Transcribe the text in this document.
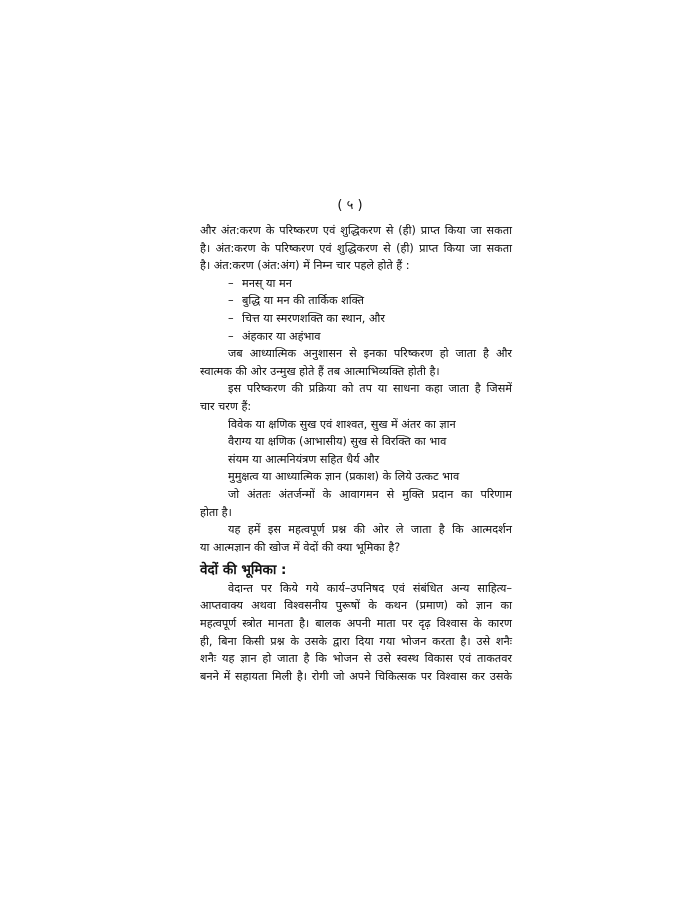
( ५ )

और अंत:करण के परिष्करण एवं शुद्धिकरण से (ही) प्राप्त किया जा सकता

है। अंत:करण के परिष्करण एवं शुद्धिकरण से (ही) प्राप्त किया जा सकता

है। अंत:करण (अंत:अंग) में निम्न चार पहले होते हैं :

– मनस् या मन

– बुद्धि या मन की तार्किक शक्ति

– चित्त या स्मरणशक्ति का स्थान, और

– अंहकार या अहंभाव

जब आध्यात्मिक अनुशासन से इनका परिष्करण हो जाता है और

स्वात्मक की ओर उन्मुख होते हैं तब आत्माभिव्यक्ति होती है।

इस परिष्करण की प्रक्रिया को तप या साधना कहा जाता है जिसमें

चार चरण हैं:

विवेक या क्षणिक सुख एवं शाश्वत, सुख में अंतर का ज्ञान

वैराग्य या क्षणिक (आभासीय) सुख से विरक्ति का भाव

संयम या आत्मनियंत्रण सहित धैर्य और

मुमुक्षत्व या आध्यात्मिक ज्ञान (प्रकाश) के लिये उत्कट भाव

जो अंततः अंतर्जन्मों के आवागमन से मुक्ति प्रदान का परिणाम

होता है।

यह हमें इस महत्वपूर्ण प्रश्न की ओर ले जाता है कि आत्मदर्शन

या आत्मज्ञान की खोज में वेदों की क्या भूमिका है?

वेदों की भूमिका :

वेदान्त पर किये गये कार्य–उपनिषद एवं संबंधित अन्य साहित्य–

आप्तवाक्य अथवा विश्वसनीय पुरूषों के कथन (प्रमाण) को ज्ञान का

महत्वपूर्ण स्त्रोत मानता है। बालक अपनी माता पर दृढ़ विश्वास के कारण

ही, बिना किसी प्रश्न के उसके द्वारा दिया गया भोजन करता है। उसे शनैः

शनैः यह ज्ञान हो जाता है कि भोजन से उसे स्वस्थ विकास एवं ताकतवर

बनने में सहायता मिली है। रोगी जो अपने चिकित्सक पर विश्वास कर उसके
